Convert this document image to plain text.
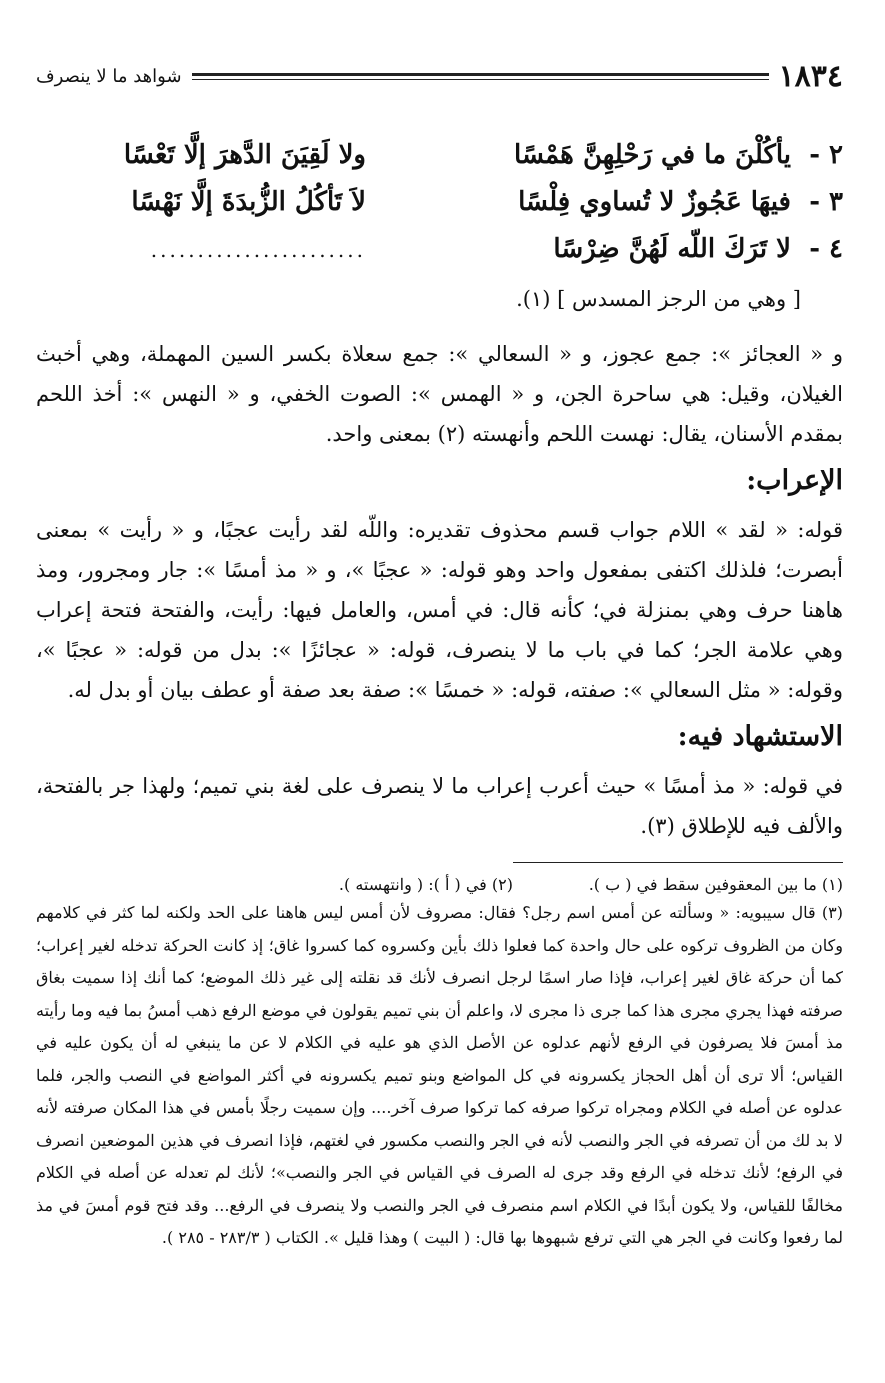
١٨٣٤
شواهد ما لا ينصرف
٢ -
يأكُلْنَ ما في رَحْلِهِنَّ هَمْسًا
ولا لَقِيَنَ الدَّهرَ إلَّا تَعْسًا
٣ -
فيهَا عَجُوزٌ لا تُساوي فِلْسًا
لاَ تَأكُلُ الزُّبدَةَ إلَّا نَهْسًا
٤ -
لا تَرَكَ اللّه لَهُنَّ ضِرْسًا
.......................

[ وهي من الرجز المسدس ] (١).

و « العجائز »: جمع عجوز، و « السعالي »: جمع سعلاة بكسر السين المهملة، وهي أخبث الغيلان، وقيل: هي ساحرة الجن، و « الهمس »: الصوت الخفي، و « النهس »: أخذ اللحم بمقدم الأسنان، يقال: نهست اللحم وأنهسته (٢) بمعنى واحد.

الإعراب:

قوله: « لقد » اللام جواب قسم محذوف تقديره: واللّه لقد رأيت عجبًا، و « رأيت » بمعنى أبصرت؛ فلذلك اكتفى بمفعول واحد وهو قوله: « عجبًا »، و « مذ أمسًا »: جار ومجرور، ومذ هاهنا حرف وهي بمنزلة في؛ كأنه قال: في أمس، والعامل فيها: رأيت، والفتحة فتحة إعراب وهي علامة الجر؛ كما في باب ما لا ينصرف، قوله: « عجائزًا »: بدل من قوله: « عجبًا »، وقوله: « مثل السعالي »: صفته، قوله: « خمسًا »: صفة بعد صفة أو عطف بيان أو بدل له.

الاستشهاد فيه:

في قوله: « مذ أمسًا » حيث أعرب إعراب ما لا ينصرف على لغة بني تميم؛ ولهذا جر بالفتحة، والألف فيه للإطلاق (٣).

(١) ما بين المعقوفين سقط في ( ب ).
(٢) في ( أ ): ( وانتهسته ).

(٣) قال سيبويه: « وسألته عن أمس اسم رجل؟ فقال: مصروف لأن أمس ليس هاهنا على الحد ولكنه لما كثر في كلامهم وكان من الظروف تركوه على حال واحدة كما فعلوا ذلك بأين وكسروه كما كسروا غاق؛ إذ كانت الحركة تدخله لغير إعراب؛ كما أن حركة غاق لغير إعراب، فإذا صار اسمًا لرجل انصرف لأنك قد نقلته إلى غير ذلك الموضع؛ كما أنك إذا سميت بغاق صرفته فهذا يجري مجرى هذا كما جرى ذا مجرى لا، واعلم أن بني تميم يقولون في موضع الرفع ذهب أمسُ بما فيه وما رأيته مذ أمسَ فلا يصرفون في الرفع لأنهم عدلوه عن الأصل الذي هو عليه في الكلام لا عن ما ينبغي له أن يكون عليه في القياس؛ ألا ترى أن أهل الحجاز يكسرونه في كل المواضع وبنو تميم يكسرونه في أكثر المواضع في النصب والجر، فلما عدلوه عن أصله في الكلام ومجراه تركوا صرفه كما تركوا صرف آخر.... وإن سميت رجلًا بأمس في هذا المكان صرفته لأنه لا بد لك من أن تصرفه في الجر والنصب لأنه في الجر والنصب مكسور في لغتهم، فإذا انصرف في هذين الموضعين انصرف في الرفع؛ لأنك تدخله في الرفع وقد جرى له الصرف في القياس في الجر والنصب»؛ لأنك لم تعدله عن أصله في الكلام مخالفًا للقياس، ولا يكون أبدًا في الكلام اسم منصرف في الجر والنصب ولا ينصرف في الرفع... وقد فتح قوم أمسَ في مذ لما رفعوا وكانت في الجر هي التي ترفع شبهوها بها قال: ( البيت ) وهذا قليل ». الكتاب ( ٢٨٣/٣ - ٢٨٥ ).
